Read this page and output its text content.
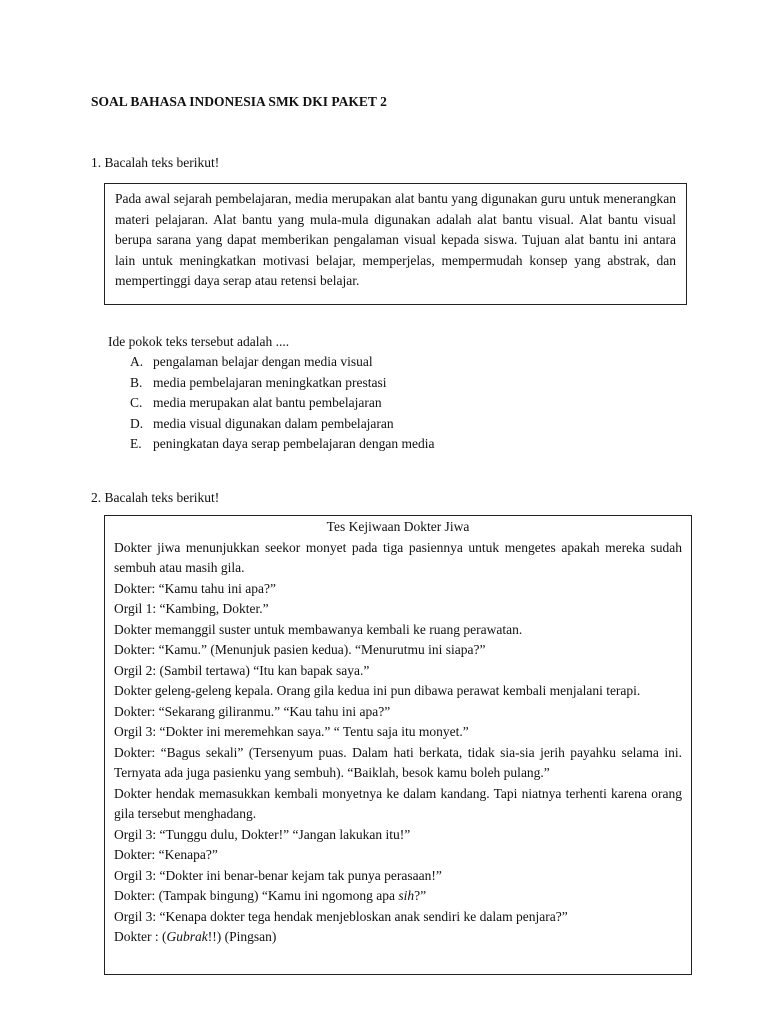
SOAL BAHASA INDONESIA SMK DKI PAKET 2
1. Bacalah teks berikut!

Pada awal sejarah pembelajaran, media merupakan alat bantu yang digunakan guru untuk menerangkan materi pelajaran. Alat bantu yang mula-mula digunakan adalah alat bantu visual. Alat bantu visual berupa sarana yang dapat memberikan pengalaman visual kepada siswa. Tujuan alat bantu ini antara lain untuk meningkatkan motivasi belajar, memperjelas, mempermudah konsep yang abstrak, dan mempertinggi daya serap atau retensi belajar.

Ide pokok teks tersebut adalah ....
A. pengalaman belajar dengan media visual
B. media pembelajaran meningkatkan prestasi
C. media merupakan alat bantu pembelajaran
D. media visual digunakan dalam pembelajaran
E. peningkatan daya serap pembelajaran dengan media
2. Bacalah teks berikut!
Tes Kejiwaan Dokter Jiwa
Dokter jiwa menunjukkan seekor monyet pada tiga pasiennya untuk mengetes apakah mereka sudah sembuh atau masih gila.
Dokter: “Kamu tahu ini apa?”
Orgil 1: “Kambing, Dokter.”
Dokter memanggil suster untuk membawanya kembali ke ruang perawatan.
Dokter: “Kamu.” (Menunjuk pasien kedua). “Menurutmu ini siapa?”
Orgil 2: (Sambil tertawa) “Itu kan bapak saya.”
Dokter geleng-geleng kepala. Orang gila kedua ini pun dibawa perawat kembali menjalani terapi.
Dokter: “Sekarang giliranmu.” “Kau tahu ini apa?”
Orgil 3: “Dokter ini meremehkan saya.” “ Tentu saja itu monyet.”
Dokter: “Bagus sekali” (Tersenyum puas. Dalam hati berkata, tidak sia-sia jerih payahku selama ini. Ternyata ada juga pasienku yang sembuh). “Baiklah, besok kamu boleh pulang.”
Dokter hendak memasukkan kembali monyetnya ke dalam kandang. Tapi niatnya terhenti karena orang gila tersebut menghadang.
Orgil 3: “Tunggu dulu, Dokter!” “Jangan lakukan itu!”
Dokter: “Kenapa?”
Orgil 3: “Dokter ini benar-benar kejam tak punya perasaan!”
Dokter: (Tampak bingung) “Kamu ini ngomong apa sih?”
Orgil 3: “Kenapa dokter tega hendak menjebloskan anak sendiri ke dalam penjara?”
Dokter : (Gubrak!!) (Pingsan)
